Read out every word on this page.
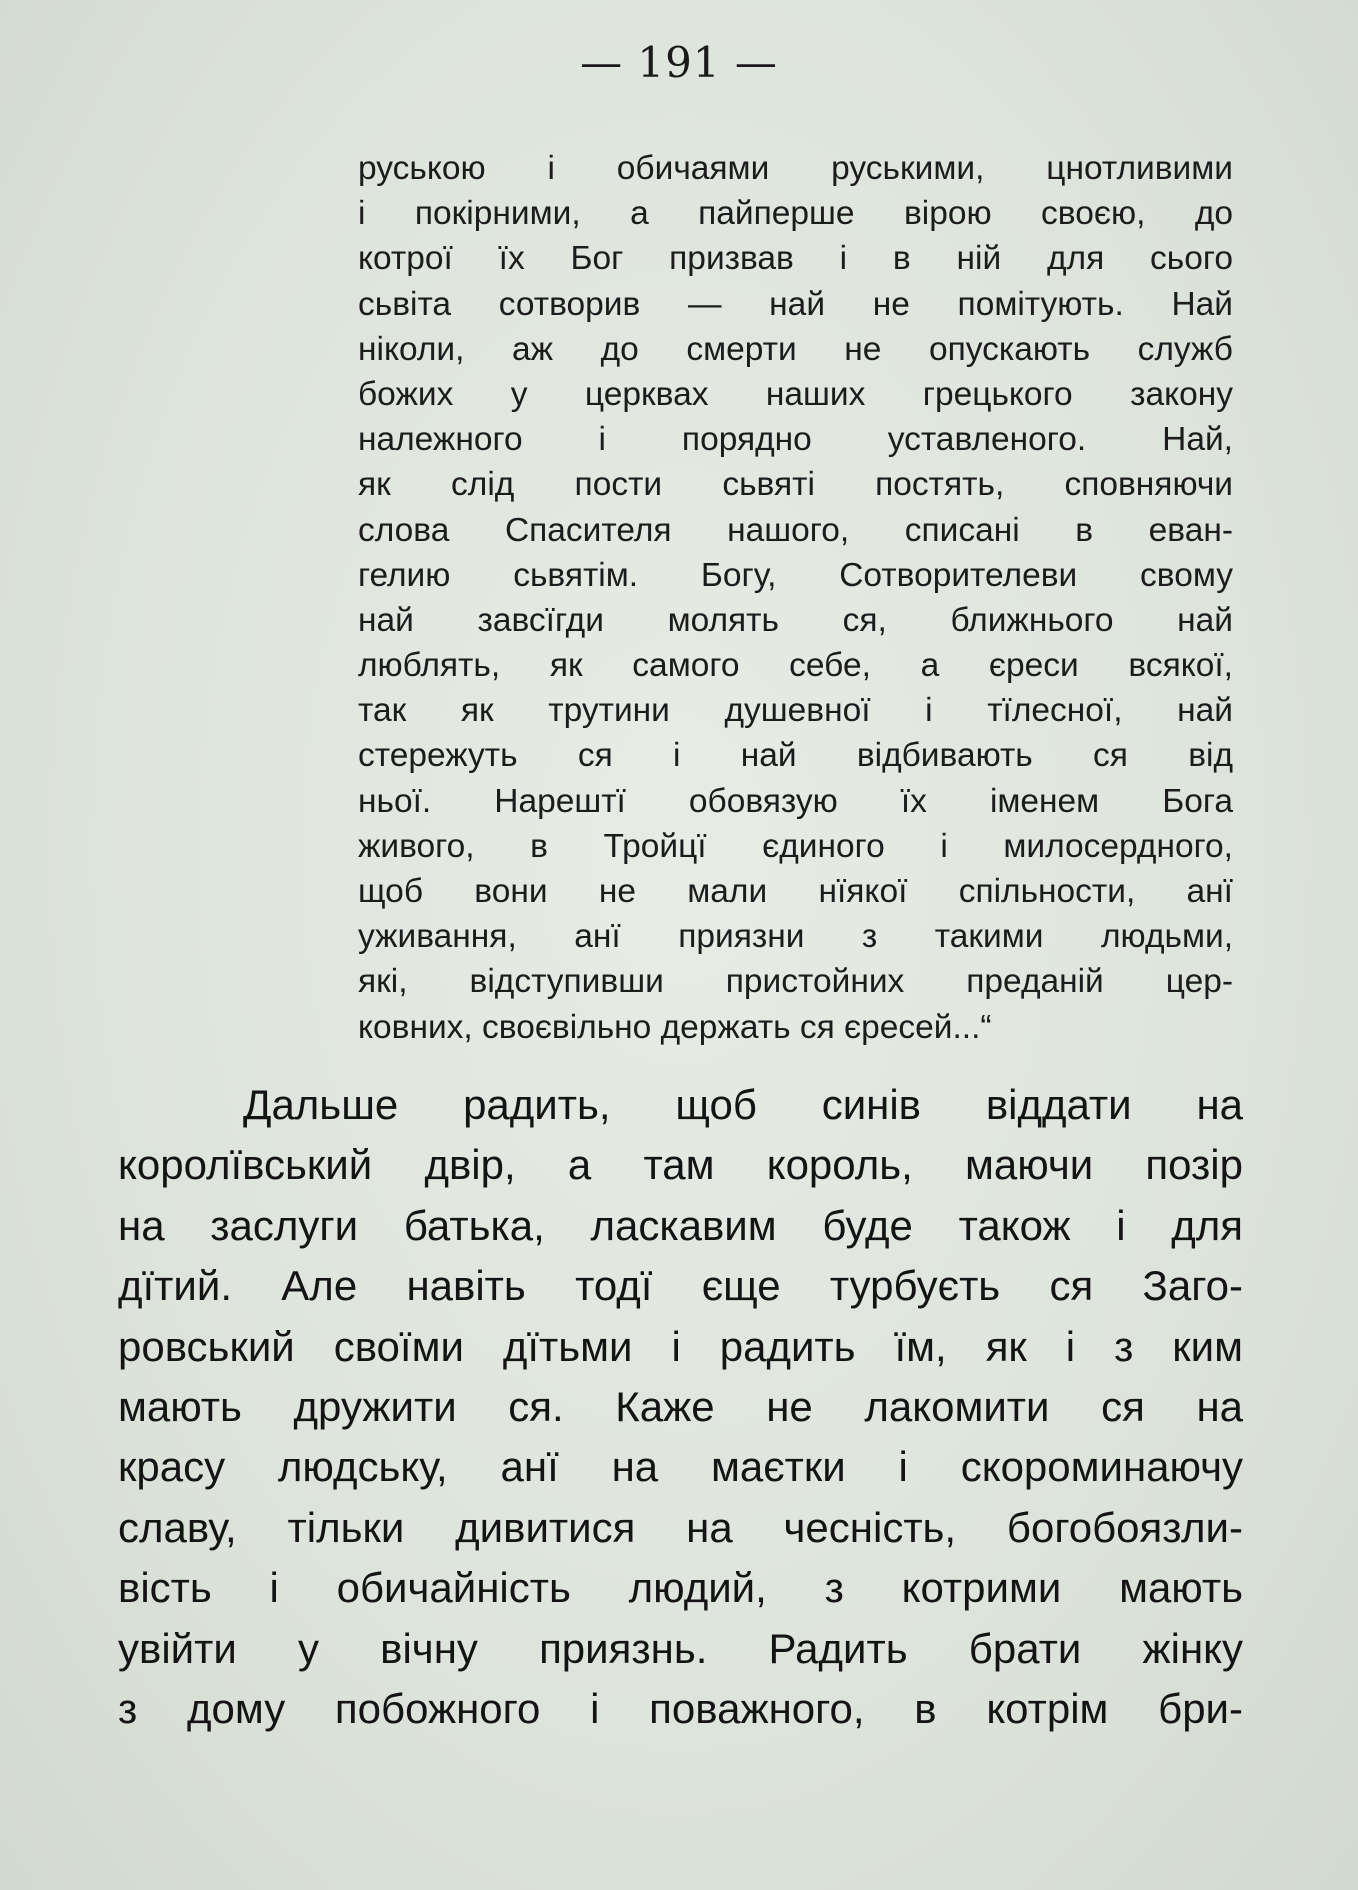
— 191 —
руською і обичаями руськими, цнотливими
і покірними, а пайперше вірою своєю, до
котрої їх Бог призвав і в ній для сього
сьвіта сотворив — най не помітують. Най
ніколи, аж до смерти не опускають служб
божих у церквах наших грецького закону
належного і порядно уставленого. Най,
як слід пости сьвяті постять, сповняючи
слова Спасителя нашого, списані в еван-
гелию сьвятім. Богу, Сотворителеви свому
най завсїгди молять ся, ближнього най
люблять, як самого себе, а єреси всякої,
так як трутини душевної і тїлесної, най
стережуть ся і най відбивають ся від
ньої. Нарештї обовязую їх іменем Бога
живого, в Тройцї єдиного і милосердного,
щоб вони не мали нїякої спільности, анї
уживання, анї приязни з такими людьми,
які, відступивши пристойних преданій цер-
ковних, своєвільно держать ся єресей...“
Дальше радить, щоб синів віддати на
королївський двір, а там король, маючи позір
на заслуги батька, ласкавим буде також і для
дїтий. Але навіть тодї єще турбуєть ся Заго-
ровський своїми дїтьми і радить їм, як і з ким
мають дружити ся. Каже не лакомити ся на
красу людську, анї на маєтки і скороминаючу
славу, тільки дивитися на чесність, богобоязли-
вість і обичайність людий, з котрими мають
увійти у вічну приязнь. Радить брати жінку
з дому побожного і поважного, в котрім бри-
